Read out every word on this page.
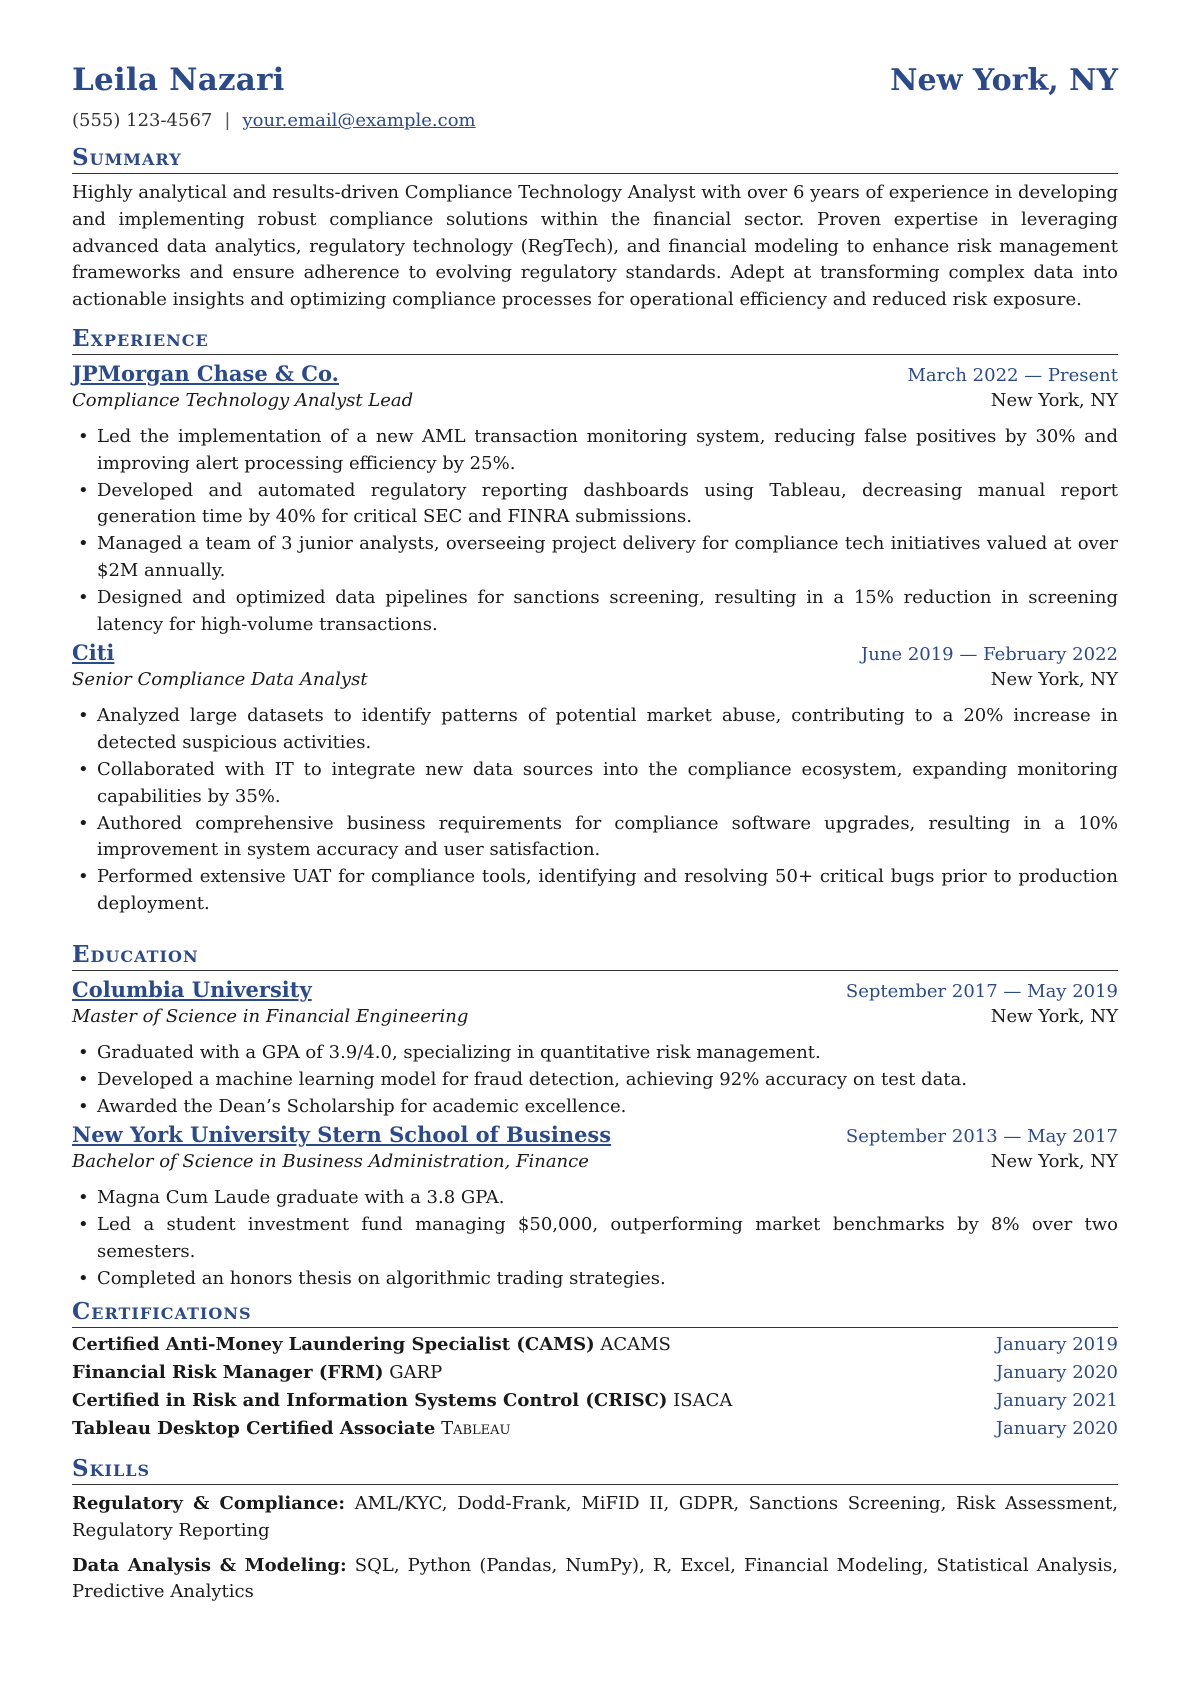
Leila Nazari	New York, NY
(555) 123-4567 | your.email@example.com
Summary
Highly analytical and results-driven Compliance Technology Analyst with over 6 years of experience in developing and implementing robust compliance solutions within the financial sector. Proven expertise in leveraging advanced data analytics, regulatory technology (RegTech), and financial modeling to enhance risk management frameworks and ensure adherence to evolving regulatory standards. Adept at transforming complex data into actionable insights and optimizing compliance processes for operational efficiency and reduced risk exposure.
Experience
JPMorgan Chase & Co.	March 2022 — Present
Compliance Technology Analyst Lead	New York, NY
• Led the implementation of a new AML transaction monitoring system, reducing false positives by 30% and improving alert processing efficiency by 25%.
• Developed and automated regulatory reporting dashboards using Tableau, decreasing manual report generation time by 40% for critical SEC and FINRA submissions.
• Managed a team of 3 junior analysts, overseeing project delivery for compliance tech initiatives valued at over $2M annually.
• Designed and optimized data pipelines for sanctions screening, resulting in a 15% reduction in screening latency for high-volume transactions.
Citi	June 2019 — February 2022
Senior Compliance Data Analyst	New York, NY
• Analyzed large datasets to identify patterns of potential market abuse, contributing to a 20% increase in detected suspicious activities.
• Collaborated with IT to integrate new data sources into the compliance ecosystem, expanding monitoring capabilities by 35%.
• Authored comprehensive business requirements for compliance software upgrades, resulting in a 10% improvement in system accuracy and user satisfaction.
• Performed extensive UAT for compliance tools, identifying and resolving 50+ critical bugs prior to production deployment.
Education
Columbia University	September 2017 — May 2019
Master of Science in Financial Engineering	New York, NY
• Graduated with a GPA of 3.9/4.0, specializing in quantitative risk management.
• Developed a machine learning model for fraud detection, achieving 92% accuracy on test data.
• Awarded the Dean’s Scholarship for academic excellence.
New York University Stern School of Business	September 2013 — May 2017
Bachelor of Science in Business Administration, Finance	New York, NY
• Magna Cum Laude graduate with a 3.8 GPA.
• Led a student investment fund managing $50,000, outperforming market benchmarks by 8% over two semesters.
• Completed an honors thesis on algorithmic trading strategies.
Certifications
Certified Anti-Money Laundering Specialist (CAMS) ACAMS	January 2019
Financial Risk Manager (FRM) GARP	January 2020
Certified in Risk and Information Systems Control (CRISC) ISACA	January 2021
Tableau Desktop Certified Associate Tableau	January 2020
Skills
Regulatory & Compliance: AML/KYC, Dodd-Frank, MiFID II, GDPR, Sanctions Screening, Risk Assessment, Regulatory Reporting
Data Analysis & Modeling: SQL, Python (Pandas, NumPy), R, Excel, Financial Modeling, Statistical Analysis, Predictive Analytics
